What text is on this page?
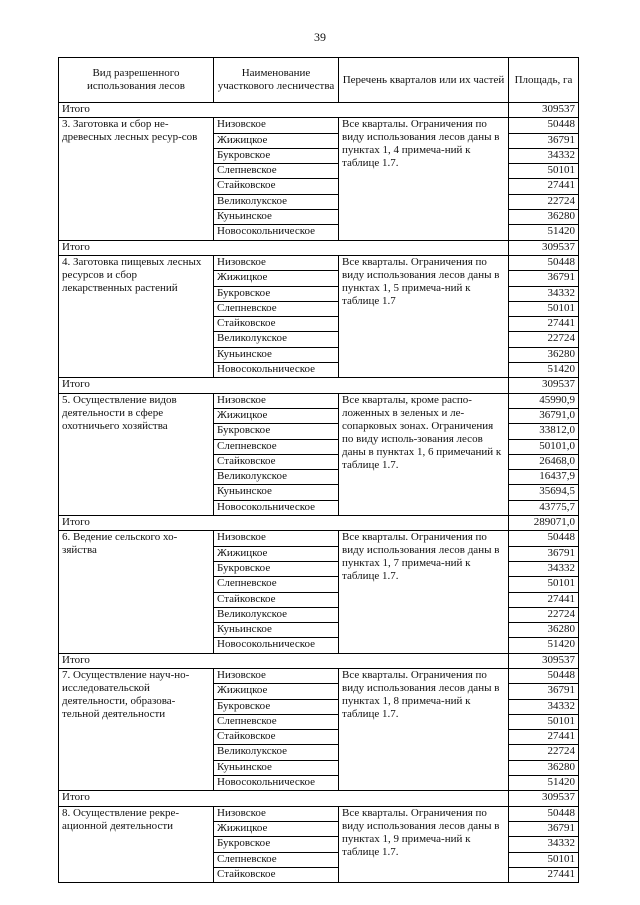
39
Вид разрешенного использования лесов	Наименование участкового лесничества	Перечень кварталов или их частей	Площадь, га
Итого			309537
3. Заготовка и сбор не-древесных лесных ресур-сов	Низовское	Все кварталы. Ограничения по виду использования лесов даны в пунктах 1, 4 примеча-ний к таблице 1.7.	50448
	Жижицкое		36791
	Букровское		34332
	Слепневское		50101
	Стайковское		27441
	Великолукское		22724
	Куньинское		36280
	Новосокольническое		51420
Итого			309537
4. Заготовка пищевых лесных ресурсов и сбор лекарственных растений	Низовское	Все кварталы. Ограничения по виду использования лесов даны в пунктах 1, 5 примеча-ний к таблице 1.7	50448
	Жижицкое		36791
	Букровское		34332
	Слепневское		50101
	Стайковское		27441
	Великолукское		22724
	Куньинское		36280
	Новосокольническое		51420
Итого			309537
5. Осуществление видов деятельности в сфере охотничьего хозяйства	Низовское	Все кварталы, кроме распо-ложенных в зеленых и ле-сопарковых зонах. Ограничения по виду исполь-зования лесов даны в пунктах 1, 6 примечаний к таблице 1.7.	45990,9
	Жижицкое		36791,0
	Букровское		33812,0
	Слепневское		50101,0
	Стайковское		26468,0
	Великолукское		16437,9
	Куньинское		35694,5
	Новосокольническое		43775,7
Итого			289071,0
6. Ведение сельского хо-зяйства	Низовское	Все кварталы. Ограничения по виду использования лесов даны в пунктах 1, 7 примеча-ний к таблице 1.7.	50448
	Жижицкое		36791
	Букровское		34332
	Слепневское		50101
	Стайковское		27441
	Великолукское		22724
	Куньинское		36280
	Новосокольническое		51420
Итого			309537
7. Осуществление науч-но-исследовательской деятельности, образова-тельной деятельности	Низовское	Все кварталы. Ограничения по виду использования лесов даны в пунктах 1, 8 примеча-ний к таблице 1.7.	50448
	Жижицкое		36791
	Букровское		34332
	Слепневское		50101
	Стайковское		27441
	Великолукское		22724
	Куньинское		36280
	Новосокольническое		51420
Итого			309537
8. Осуществление рекре-ационной деятельности	Низовское	Все кварталы. Ограничения по виду использования лесов даны в пунктах 1, 9 примеча-ний к таблице 1.7.	50448
	Жижицкое		36791
	Букровское		34332
	Слепневское		50101
	Стайковское		27441
